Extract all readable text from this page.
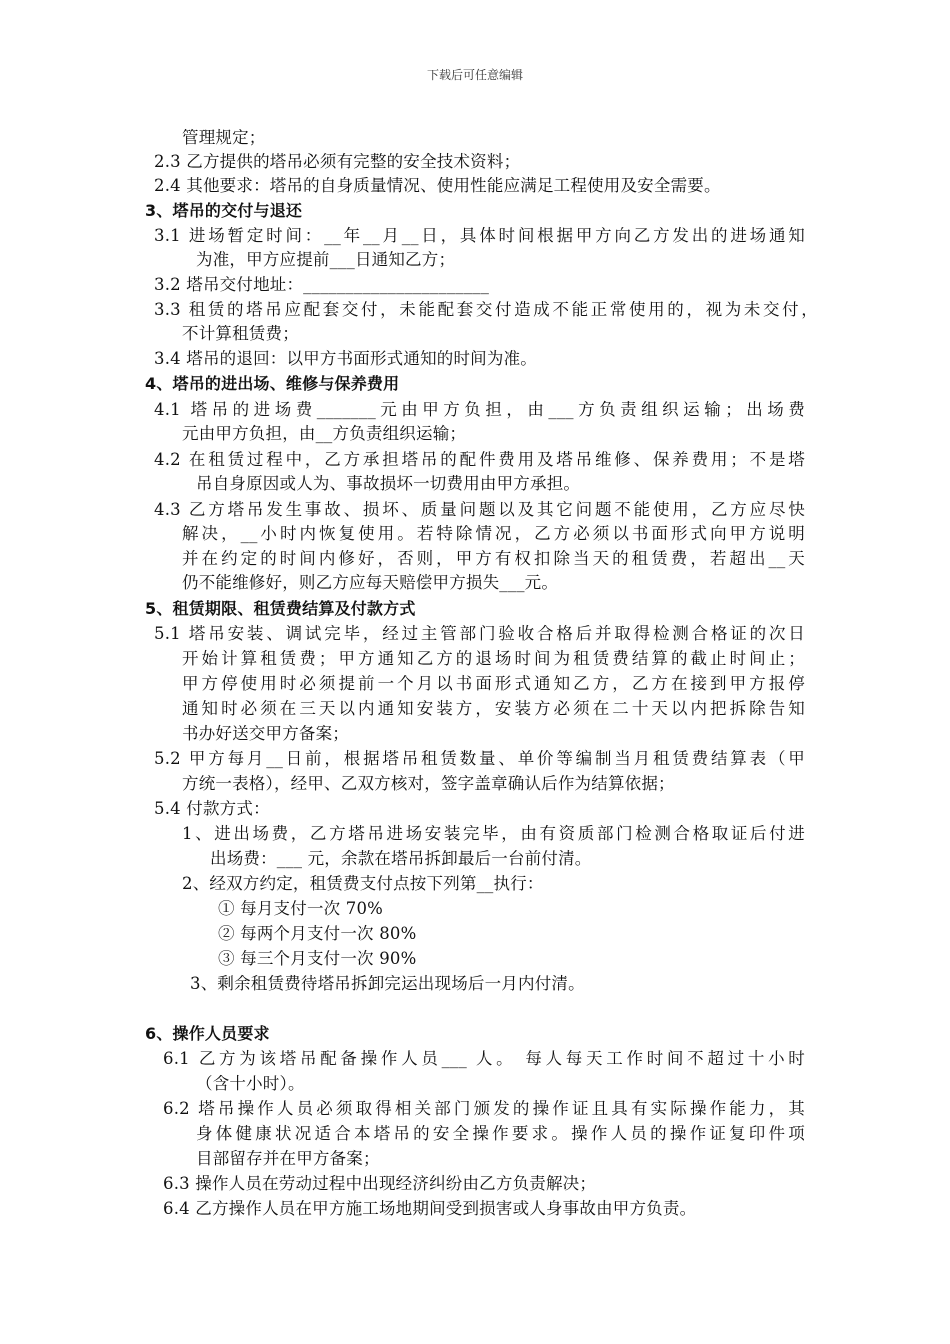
下载后可任意编辑
管理规定；
2.3 乙方提供的塔吊必须有完整的安全技术资料；
2.4 其他要求：塔吊的自身质量情况、使用性能应满足工程使用及安全需要。
3、塔吊的交付与退还
3.1 进场暂定时间：__年__月__日，具体时间根据甲方向乙方发出的进场通知
为准，甲方应提前___日通知乙方；
3.2 塔吊交付地址：______________________
3.3 租赁的塔吊应配套交付，未能配套交付造成不能正常使用的，视为未交付，
不计算租赁费；
3.4 塔吊的退回：以甲方书面形式通知的时间为准。
4、塔吊的进出场、维修与保养费用
4.1 塔吊的进场费_______元由甲方负担，由___方负责组织运输；出场费
元由甲方负担，由__方负责组织运输；
4.2 在租赁过程中，乙方承担塔吊的配件费用及塔吊维修、保养费用；不是塔
吊自身原因或人为、事故损坏一切费用由甲方承担。
4.3 乙方塔吊发生事故、损坏、质量问题以及其它问题不能使用，乙方应尽快
解决，__小时内恢复使用。若特除情况，乙方必须以书面形式向甲方说明
并在约定的时间内修好，否则，甲方有权扣除当天的租赁费，若超出__天
仍不能维修好，则乙方应每天赔偿甲方损失___元。
5、租赁期限、租赁费结算及付款方式
5.1 塔吊安装、调试完毕，经过主管部门验收合格后并取得检测合格证的次日
开始计算租赁费；甲方通知乙方的退场时间为租赁费结算的截止时间止；
甲方停使用时必须提前一个月以书面形式通知乙方，乙方在接到甲方报停
通知时必须在三天以内通知安装方，安装方必须在二十天以内把拆除告知
书办好送交甲方备案；
5.2 甲方每月__日前，根据塔吊租赁数量、单价等编制当月租赁费结算表（甲
方统一表格），经甲、乙双方核对，签字盖章确认后作为结算依据；
5.4 付款方式：
1、进出场费，乙方塔吊进场安装完毕，由有资质部门检测合格取证后付进
出场费：___ 元，余款在塔吊拆卸最后一台前付清。
2、经双方约定，租赁费支付点按下列第__执行：
① 每月支付一次 70%
② 每两个月支付一次 80%
③ 每三个月支付一次 90%
3、剩余租赁费待塔吊拆卸完运出现场后一月内付清。
6、操作人员要求
6.1 乙方为该塔吊配备操作人员___ 人。 每人每天工作时间不超过十小时
（含十小时）。
6.2 塔吊操作人员必须取得相关部门颁发的操作证且具有实际操作能力，其
身体健康状况适合本塔吊的安全操作要求。操作人员的操作证复印件项
目部留存并在甲方备案；
6.3 操作人员在劳动过程中出现经济纠纷由乙方负责解决；
6.4 乙方操作人员在甲方施工场地期间受到损害或人身事故由甲方负责。
